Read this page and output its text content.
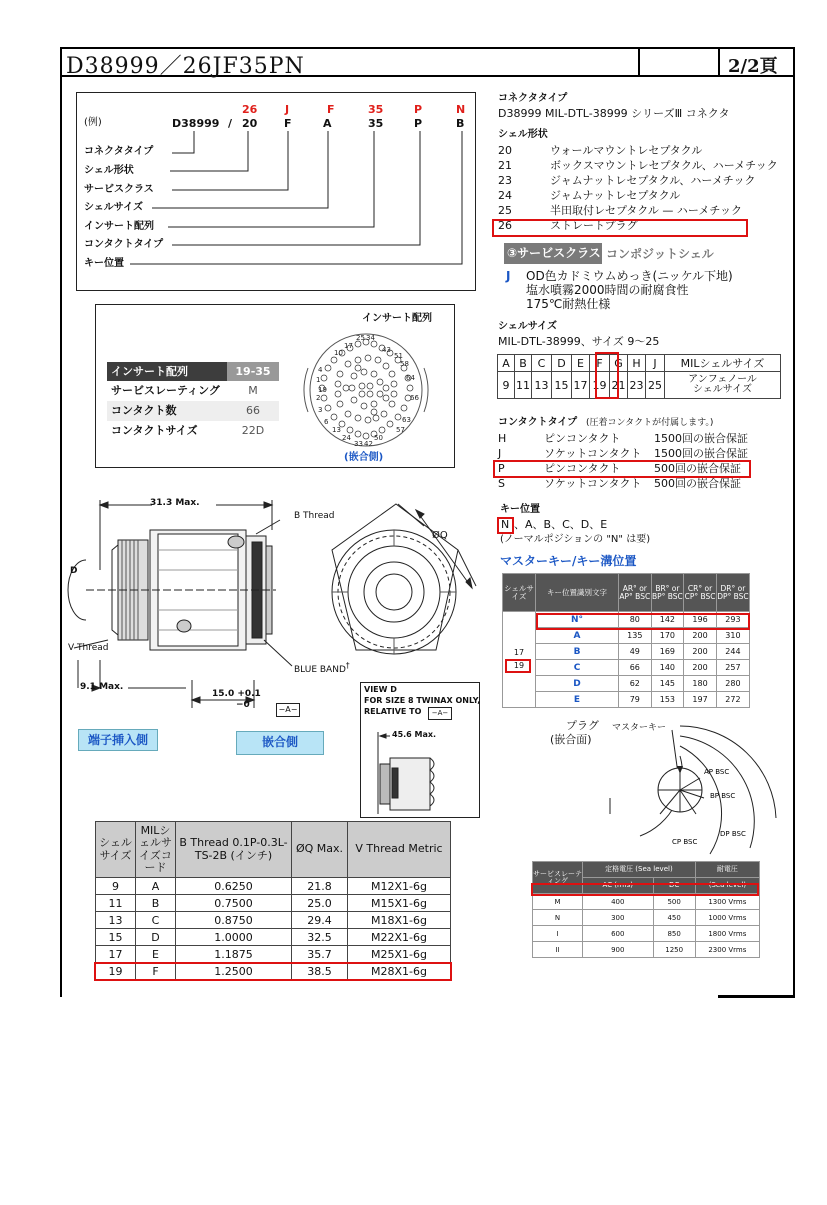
D38999／26JF35PN	2/2頁
(例)	D38999 / 20 F	A	35	P	B
26	J	F	35	P	N
コネクタタイプ
シェル形状
サービスクラス
シェルサイズ
インサート配列
コンタクトタイプ
キー位置
コネクタタイプ
D38999 MIL-DTL-38999 シリーズⅢ コネクタ
シェル形状
20	ウォールマウントレセプタクル
21	ボックスマウントレセプタクル、ハーメチック
23	ジャムナットレセプタクル、ハーメチック
24	ジャムナットレセプタクル
25	半田取付レセプタクル — ハーメチック
26	ストレートプラグ
③サービスクラス コンポジットシェル
J OD色カドミウムめっき(ニッケル下地)
塩水噴霧2000時間の耐腐食性
175℃耐熱仕様
シェルサイズ
MIL-DTL-38999、サイズ 9～25
A	B	C	D	E	F	G	H	J	MILシェルサイズ
9	11	13	15	17	19	21	23	25	アンフェノール
シェルサイズ
コンタクトタイプ (圧着コンタクトが付属します。)
H	ピンコンタクト	1500回の嵌合保証
J	ソケットコンタクト 1500回の嵌合保証
P	ピンコンタクト	500回の嵌合保証
S	ソケットコンタクト 500回の嵌合保証
キー位置
N 、A、B、C、D、E
(ノーマルポジションの "N" は要)
マスターキー/キー溝位置
シェルサイズ	キー位置識別文字	AR° or AP° BSC	BR° or BP° BSC	CR° or CP° BSC	DR° or DP° BSC

17
19	N°	80	142	196	293
	A	135	170	200	310
	B	49	169	200	244
	C	66	140	200	257
	D	62	145	180	280
	E	79	153	197	272
プラグ
(嵌合面)
マスターキー
AP BSC
BP BSC
CP BSC
DP BSC
サービスレーティング	定格電圧 (Sea level)		耐電圧
	AC (rms)	DC	(Sea level)
M	400	500	1300 Vrms
N	300	450	1000 Vrms
I	600	850	1800 Vrms
II	900	1250	2300 Vrms
インサート配列
インサート配列	19-35
サービスレーティング	M
コンタクト数	66
コンタクトサイズ	22D
25 34
17
10	43
51
58
4
64
1
19
2	66
3
63
6
24
57
50
13
33 42
(嵌合側)
31.3 Max.
B Thread
D
V Thread
BLUE BAND†
9.1 Max.
15.0 +0.1
−0	−A−
ØQ
VIEW D
FOR SIZE 8 TWINAX ONLY,
RELATIVE TO	−A−
45.6 Max.
端子挿入側	嵌合側
シェルサイズ	MILシェルサイズコード	B Thread 0.1P-0.3L-TS-2B (インチ)	ØQ Max.	V Thread Metric
9	A	0.6250	21.8	M12X1-6g
11	B	0.7500	25.0	M15X1-6g
13	C	0.8750	29.4	M18X1-6g
15	D	1.0000	32.5	M22X1-6g
17	E	1.1875	35.7	M25X1-6g
19	F	1.2500	38.5	M28X1-6g
